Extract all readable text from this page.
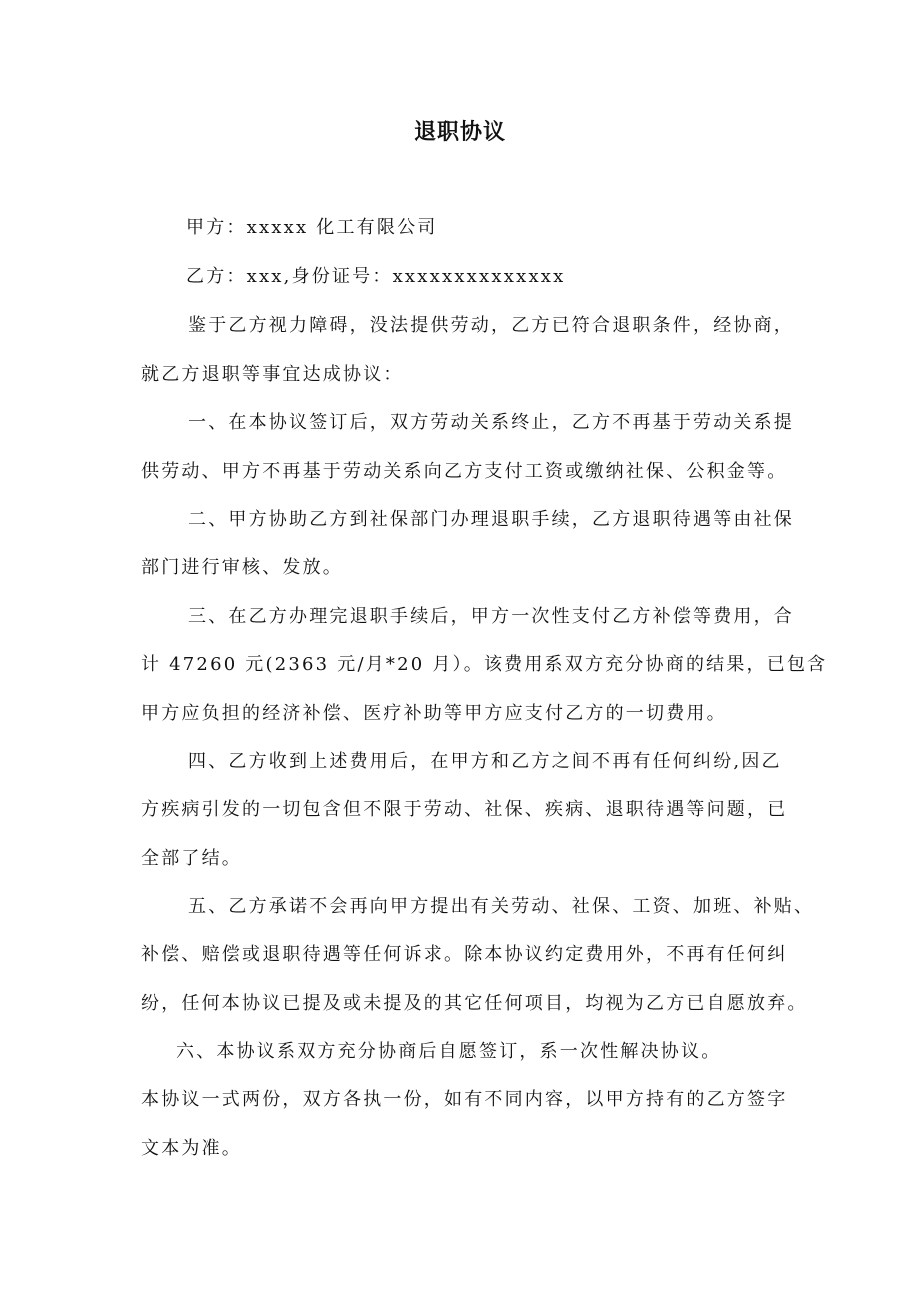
退职协议
甲方：xxxxx 化工有限公司
乙方：xxx,身份证号：xxxxxxxxxxxxxx
鉴于乙方视力障碍，没法提供劳动，乙方已符合退职条件，经协商，
就乙方退职等事宜达成协议：
一、在本协议签订后，双方劳动关系终止，乙方不再基于劳动关系提
供劳动、甲方不再基于劳动关系向乙方支付工资或缴纳社保、公积金等。
二、甲方协助乙方到社保部门办理退职手续，乙方退职待遇等由社保
部门进行审核、发放。
三、在乙方办理完退职手续后，甲方一次性支付乙方补偿等费用，合
计 47260 元(2363 元/月*20 月）。该费用系双方充分协商的结果，已包含
甲方应负担的经济补偿、医疗补助等甲方应支付乙方的一切费用。
四、乙方收到上述费用后，在甲方和乙方之间不再有任何纠纷,因乙
方疾病引发的一切包含但不限于劳动、社保、疾病、退职待遇等问题，已
全部了结。
五、乙方承诺不会再向甲方提出有关劳动、社保、工资、加班、补贴、
补偿、赔偿或退职待遇等任何诉求。除本协议约定费用外，不再有任何纠
纷，任何本协议已提及或未提及的其它任何项目，均视为乙方已自愿放弃。
六、本协议系双方充分协商后自愿签订，系一次性解决协议。
本协议一式两份，双方各执一份，如有不同内容，以甲方持有的乙方签字
文本为准。
